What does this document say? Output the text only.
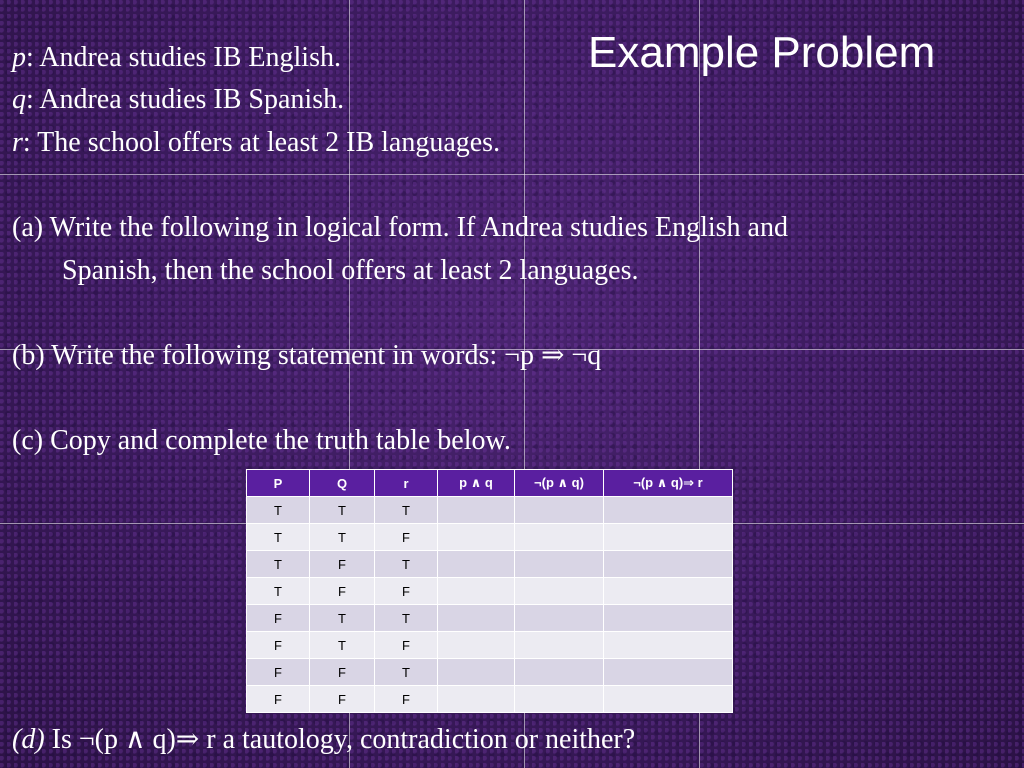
Example Problem
p: Andrea studies IB English.
q: Andrea studies IB Spanish.
r: The school offers at least 2 IB languages.
(a) Write the following in logical form. If Andrea studies English and
Spanish, then the school offers at least 2 languages.
(b) Write the following statement in words: ¬p ⇒ ¬q
(c) Copy and complete the truth table below.
P	Q	r	p ∧ q	¬(p ∧ q)	¬(p ∧ q)⇒ r
T	T	T			
T	T	F			
T	F	T			
T	F	F			
F	T	T			
F	T	F			
F	F	T			
F	F	F			
(d) Is ¬(p ∧ q)⇒ r a tautology, contradiction or neither?
